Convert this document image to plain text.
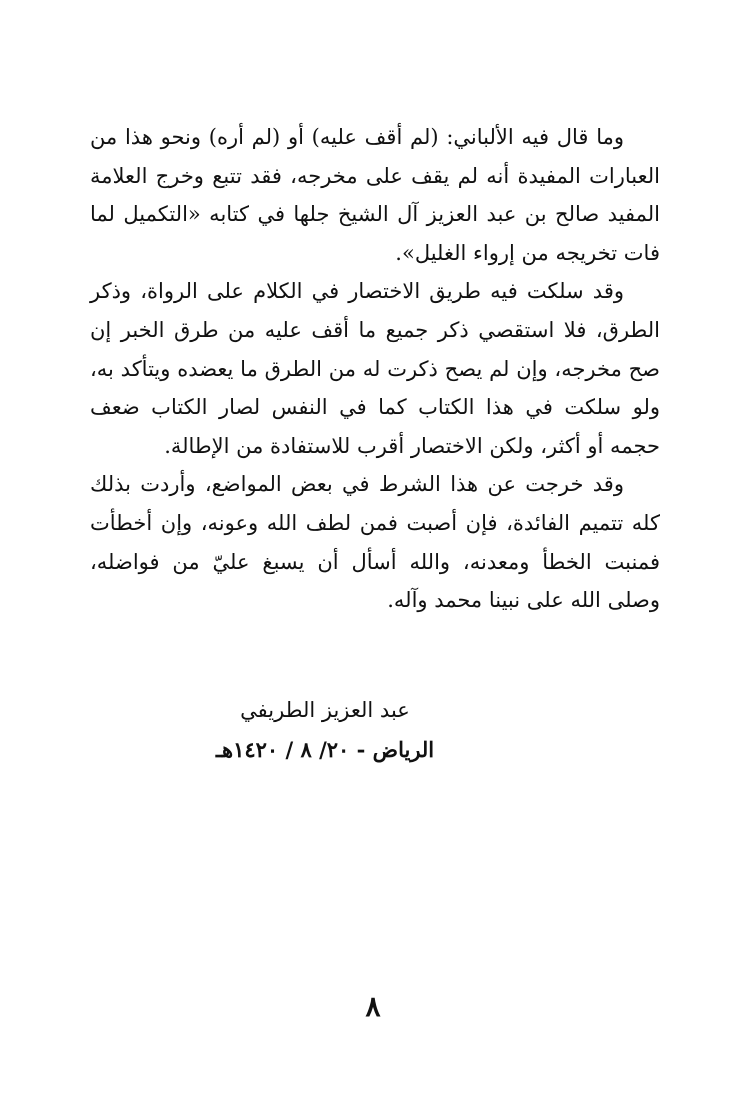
وما قال فيه الألباني: (لم أقف عليه) أو (لم أره) ونحو هذا من العبارات المفيدة أنه لم يقف على مخرجه، فقد تتبع وخرج العلامة المفيد صالح بن عبد العزيز آل الشيخ جلها في كتابه «التكميل لما فات تخريجه من إرواء الغليل».

وقد سلكت فيه طريق الاختصار في الكلام على الرواة، وذكر الطرق، فلا استقصي ذكر جميع ما أقف عليه من طرق الخبر إن صح مخرجه، وإن لم يصح ذكرت له من الطرق ما يعضده ويتأكد به، ولو سلكت في هذا الكتاب كما في النفس لصار الكتاب ضعف حجمه أو أكثر، ولكن الاختصار أقرب للاستفادة من الإطالة.

وقد خرجت عن هذا الشرط في بعض المواضع، وأردت بذلك كله تتميم الفائدة، فإن أصبت فمن لطف الله وعونه، وإن أخطأت فمنبت الخطأ ومعدنه، والله أسأل أن يسبغ عليّ من فواضله، وصلى الله على نبينا محمد وآله.

عبد العزيز الطريفي
الرياض - ٢٠/ ٨ / ١٤٢٠هـ
٨
